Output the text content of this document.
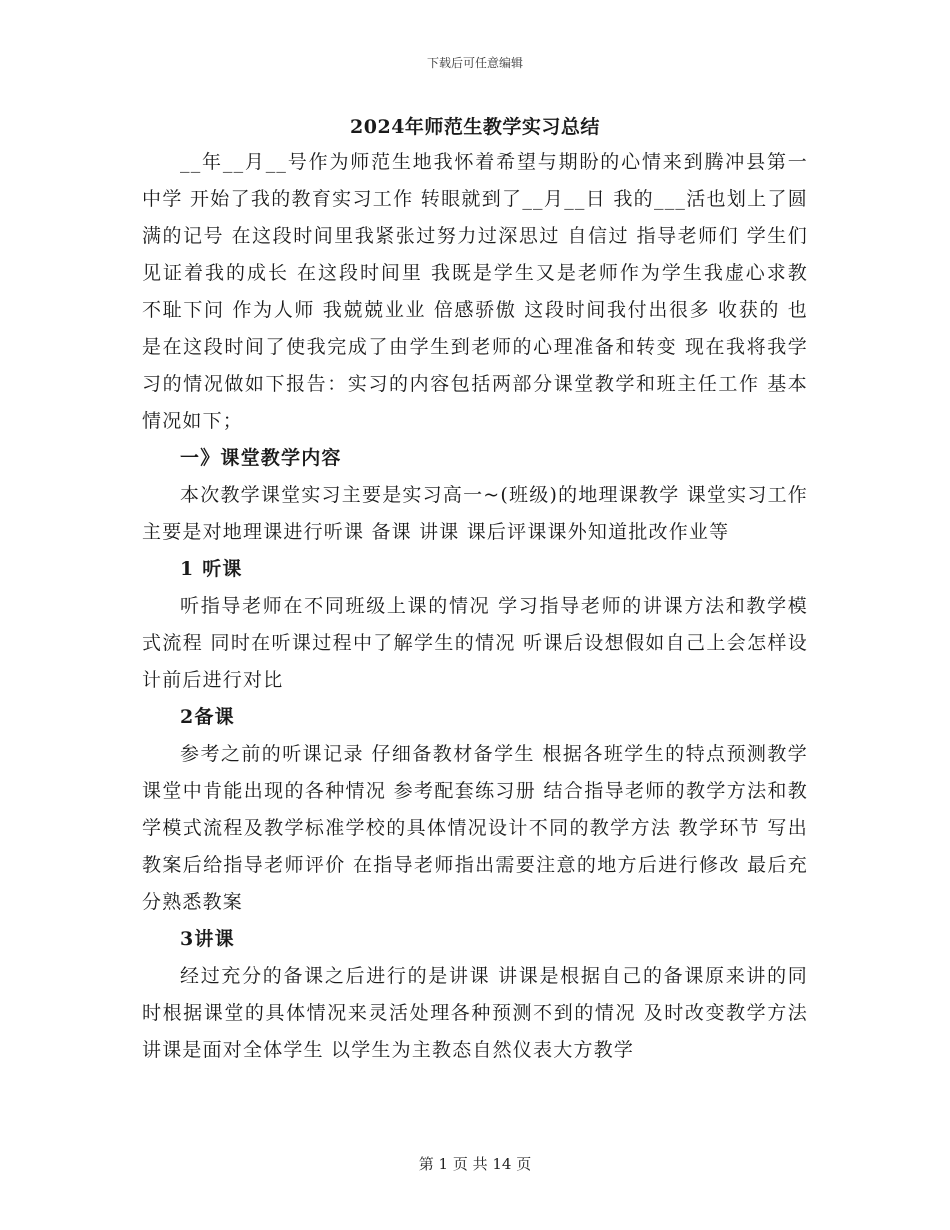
下载后可任意编辑
2024年师范生教学实习总结

__年__月__号作为师范生地我怀着希望与期盼的心情来到腾冲县第一中学 开始了我的教育实习工作 转眼就到了__月__日 我的___活也划上了圆满的记号 在这段时间里我紧张过努力过深思过 自信过 指导老师们 学生们见证着我的成长 在这段时间里 我既是学生又是老师作为学生我虚心求教 不耻下问 作为人师 我兢兢业业 倍感骄傲 这段时间我付出很多 收获的 也是在这段时间了使我完成了由学生到老师的心理准备和转变 现在我将我学习的情况做如下报告：实习的内容包括两部分课堂教学和班主任工作 基本情况如下；

一》课堂教学内容

本次教学课堂实习主要是实习高一~(班级)的地理课教学 课堂实习工作主要是对地理课进行听课 备课 讲课 课后评课课外知道批改作业等

1 听课

听指导老师在不同班级上课的情况 学习指导老师的讲课方法和教学模式流程 同时在听课过程中了解学生的情况 听课后设想假如自己上会怎样设计前后进行对比

2备课

参考之前的听课记录 仔细备教材备学生 根据各班学生的特点预测教学课堂中肯能出现的各种情况 参考配套练习册 结合指导老师的教学方法和教学模式流程及教学标准学校的具体情况设计不同的教学方法 教学环节 写出教案后给指导老师评价 在指导老师指出需要注意的地方后进行修改 最后充分熟悉教案

3讲课

经过充分的备课之后进行的是讲课 讲课是根据自己的备课原来讲的同时根据课堂的具体情况来灵活处理各种预测不到的情况 及时改变教学方法 讲课是面对全体学生 以学生为主教态自然仪表大方教学

第 1 页 共 14 页
